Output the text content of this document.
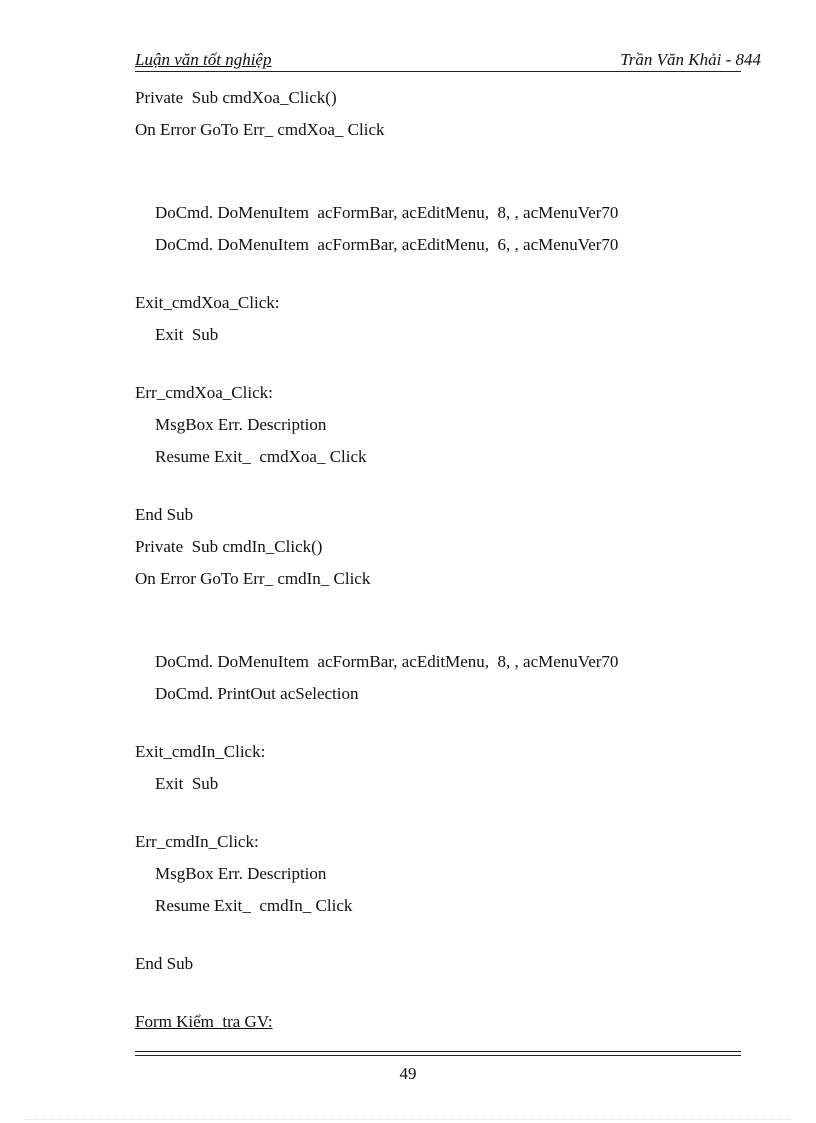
Luận văn tốt nghiệp	Trần Văn Khải - 844
Private  Sub cmdXoa_Click()
On Error GoTo Err_ cmdXoa_ Click
DoCmd. DoMenuItem  acFormBar, acEditMenu,  8, , acMenuVer70
DoCmd. DoMenuItem  acFormBar, acEditMenu,  6, , acMenuVer70
Exit_cmdXoa_Click:
Exit  Sub
Err_cmdXoa_Click:
MsgBox Err. Description
Resume Exit_  cmdXoa_ Click
End Sub
Private  Sub cmdIn_Click()
On Error GoTo Err_ cmdIn_ Click
DoCmd. DoMenuItem  acFormBar, acEditMenu,  8, , acMenuVer70
DoCmd. PrintOut acSelection
Exit_cmdIn_Click:
Exit  Sub
Err_cmdIn_Click:
MsgBox Err. Description
Resume Exit_  cmdIn_ Click
End Sub
Form Kiểm  tra GV:
49
